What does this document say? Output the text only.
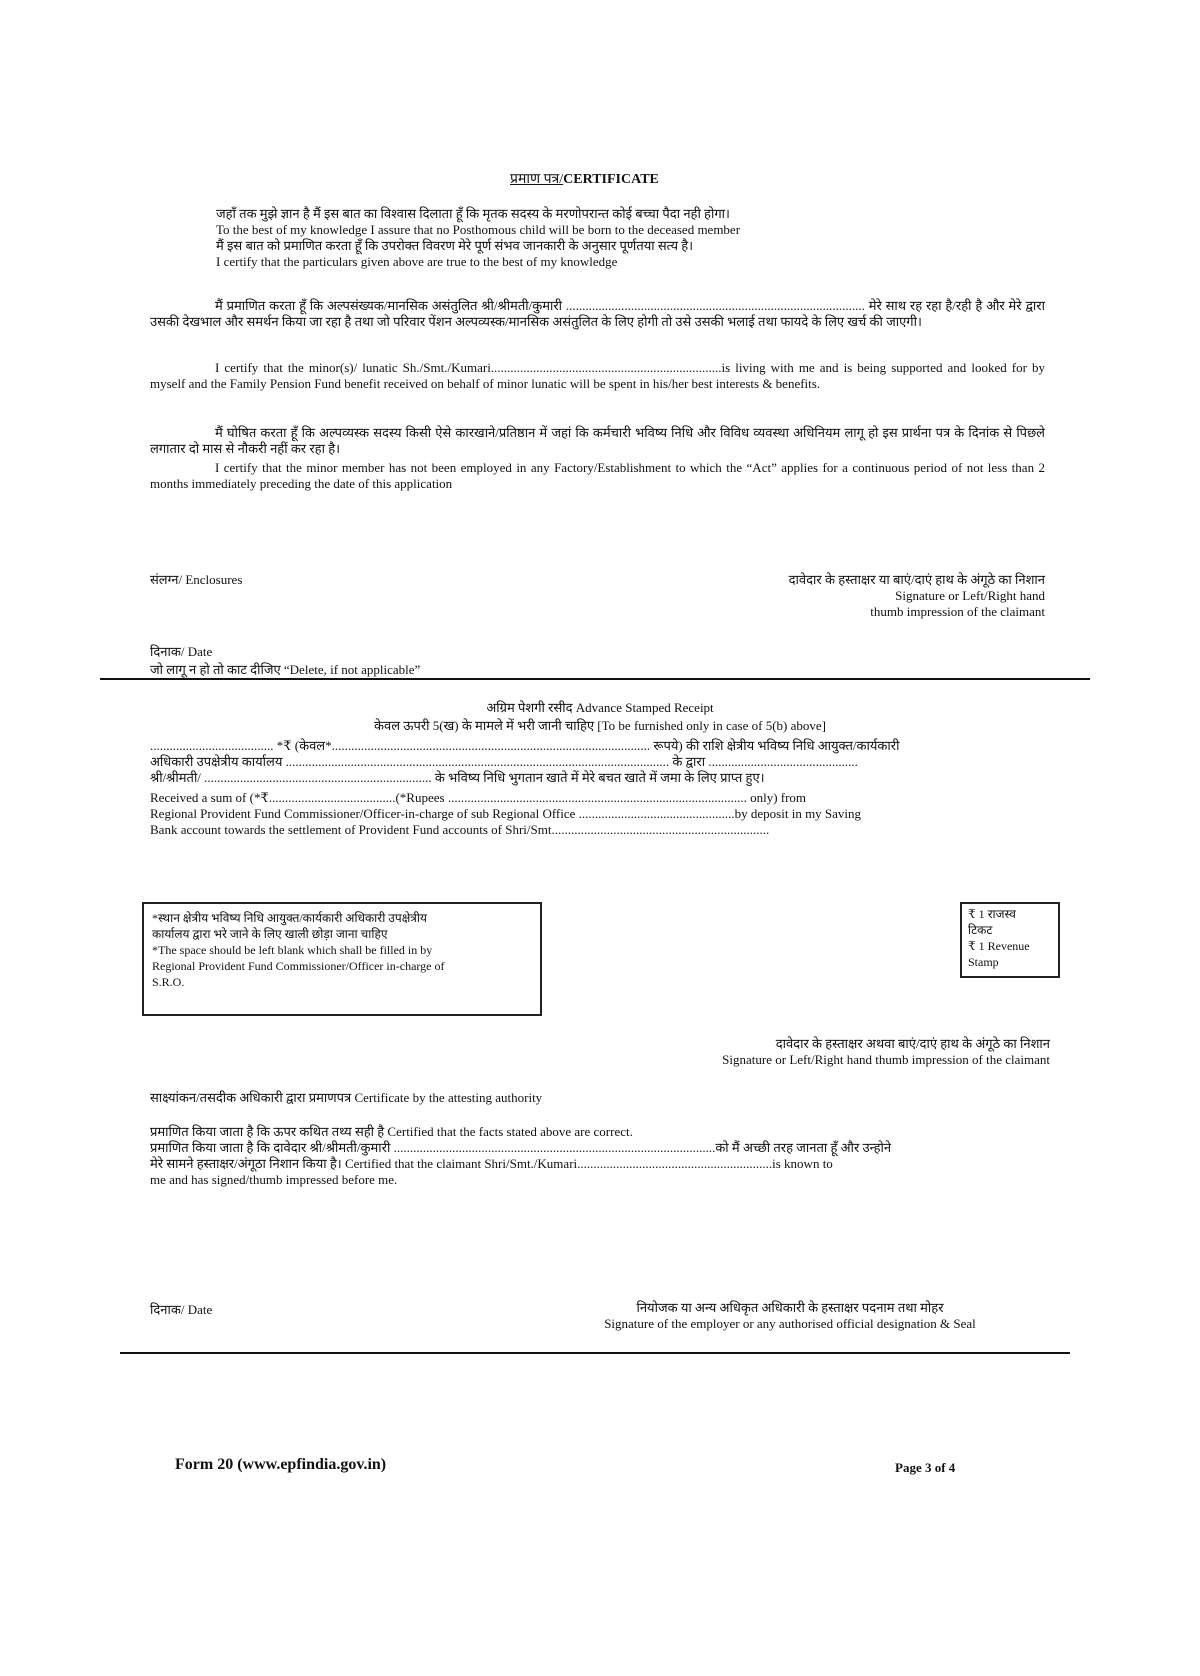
प्रमाण पत्र/CERTIFICATE
जहाँ तक मुझे ज्ञान है मैं इस बात का विश्वास दिलाता हूँ कि मृतक सदस्य के मरणोपरान्त कोई बच्चा पैदा नही होगा।
To the best of my knowledge I assure that no Posthomous child will be born to the deceased member
मैं इस बात को प्रमाणित करता हूँ कि उपरोक्त विवरण मेरे पूर्ण संभव जानकारी के अनुसार पूर्णतया सत्य है।
I certify that the particulars given above are true to the best of my knowledge
मैं प्रमाणित करता हूँ कि अल्पसंख्यक/मानसिक असंतुलित श्री/श्रीमती/कुमारी ............................................................................................ मेरे साथ रह रहा है/रही है और मेरे द्वारा उसकी देखभाल और समर्थन किया जा रहा है तथा जो परिवार पेंशन अल्पव्यस्क/मानसिक असंतुलित के लिए होगी तो उसे उसकी भलाई तथा फायदे के लिए खर्च की जाएगी।
I certify that the minor(s)/ lunatic Sh./Smt./Kumari.......................................................................is living with me and is being supported and looked for by myself and the Family Pension Fund benefit received on behalf of minor lunatic will be spent in his/her best interests & benefits.
मैं घोषित करता हूँ कि अल्पव्यस्क सदस्य किसी ऐसे कारखाने/प्रतिष्ठान में जहां कि कर्मचारी भविष्य निधि और विविध व्यवस्था अधिनियम लागू हो इस प्रार्थना पत्र के दिनांक से पिछले लगातार दो मास से नौकरी नहीं कर रहा है।
I certify that the minor member has not been employed in any Factory/Establishment to which the “Act” applies for a continuous period of not less than 2 months immediately preceding the date of this application
संलग्न/ Enclosures	दावेदार के हस्ताक्षर या बाएं/दाएं हाथ के अंगूठे का निशान
Signature or Left/Right hand
thumb impression of the claimant
दिनाक/ Date
जो लागू न हो तो काट दीजिए “Delete, if not applicable”
अग्रिम पेशगी रसीद Advance Stamped Receipt
केवल ऊपरी 5(ख) के मामले में भरी जानी चाहिए [To be furnished only in case of 5(b) above]
...................................... *₹ (केवल*.................................................................................................. रूपये) की राशि क्षेत्रीय भविष्य निधि आयुक्त/कार्यकारी
अधिकारी उपक्षेत्रीय कार्यालय ...................................................................................................................... के द्वारा ..............................................
श्री/श्रीमती/ ...................................................................... के भविष्य निधि भुगतान खाते में मेरे बचत खाते में जमा के लिए प्राप्त हुए।
Received a sum of (*₹.......................................(*Rupees ............................................................................................ only) from
Regional Provident Fund Commissioner/Officer-in-charge of sub Regional Office ................................................by deposit in my Saving
Bank account towards the settlement of Provident Fund accounts of Shri/Smt...................................................................
*स्थान क्षेत्रीय भविष्य निधि आयुक्त/कार्यकारी अधिकारी उपक्षेत्रीय
कार्यालय द्वारा भरे जाने के लिए खाली छोड़ा जाना चाहिए
*The space should be left blank which shall be filled in by
Regional Provident Fund Commissioner/Officer in-charge of
S.R.O.
₹ 1 राजस्व
टिकट
₹ 1 Revenue
Stamp
दावेदार के हस्ताक्षर अथवा बाएं/दाएं हाथ के अंगूठे का निशान
Signature or Left/Right hand thumb impression of the claimant
साक्ष्यांकन/तसदीक अधिकारी द्वारा प्रमाणपत्र Certificate by the attesting authority
प्रमाणित किया जाता है कि ऊपर कथित तथ्य सही है Certified that the facts stated above are correct.
प्रमाणित किया जाता है कि दावेदार श्री/श्रीमती/कुमारी ...................................................................................................को मैं अच्छी तरह जानता हूँ और उन्होने
मेरे सामने हस्ताक्षर/अंगूठा निशान किया है। Certified that the claimant Shri/Smt./Kumari............................................................is known to
me and has signed/thumb impressed before me.
दिनाक/ Date	नियोजक या अन्य अधिकृत अधिकारी के हस्ताक्षर पदनाम तथा मोहर
Signature of the employer or any authorised official designation & Seal
Form 20 (www.epfindia.gov.in)	Page 3 of 4
